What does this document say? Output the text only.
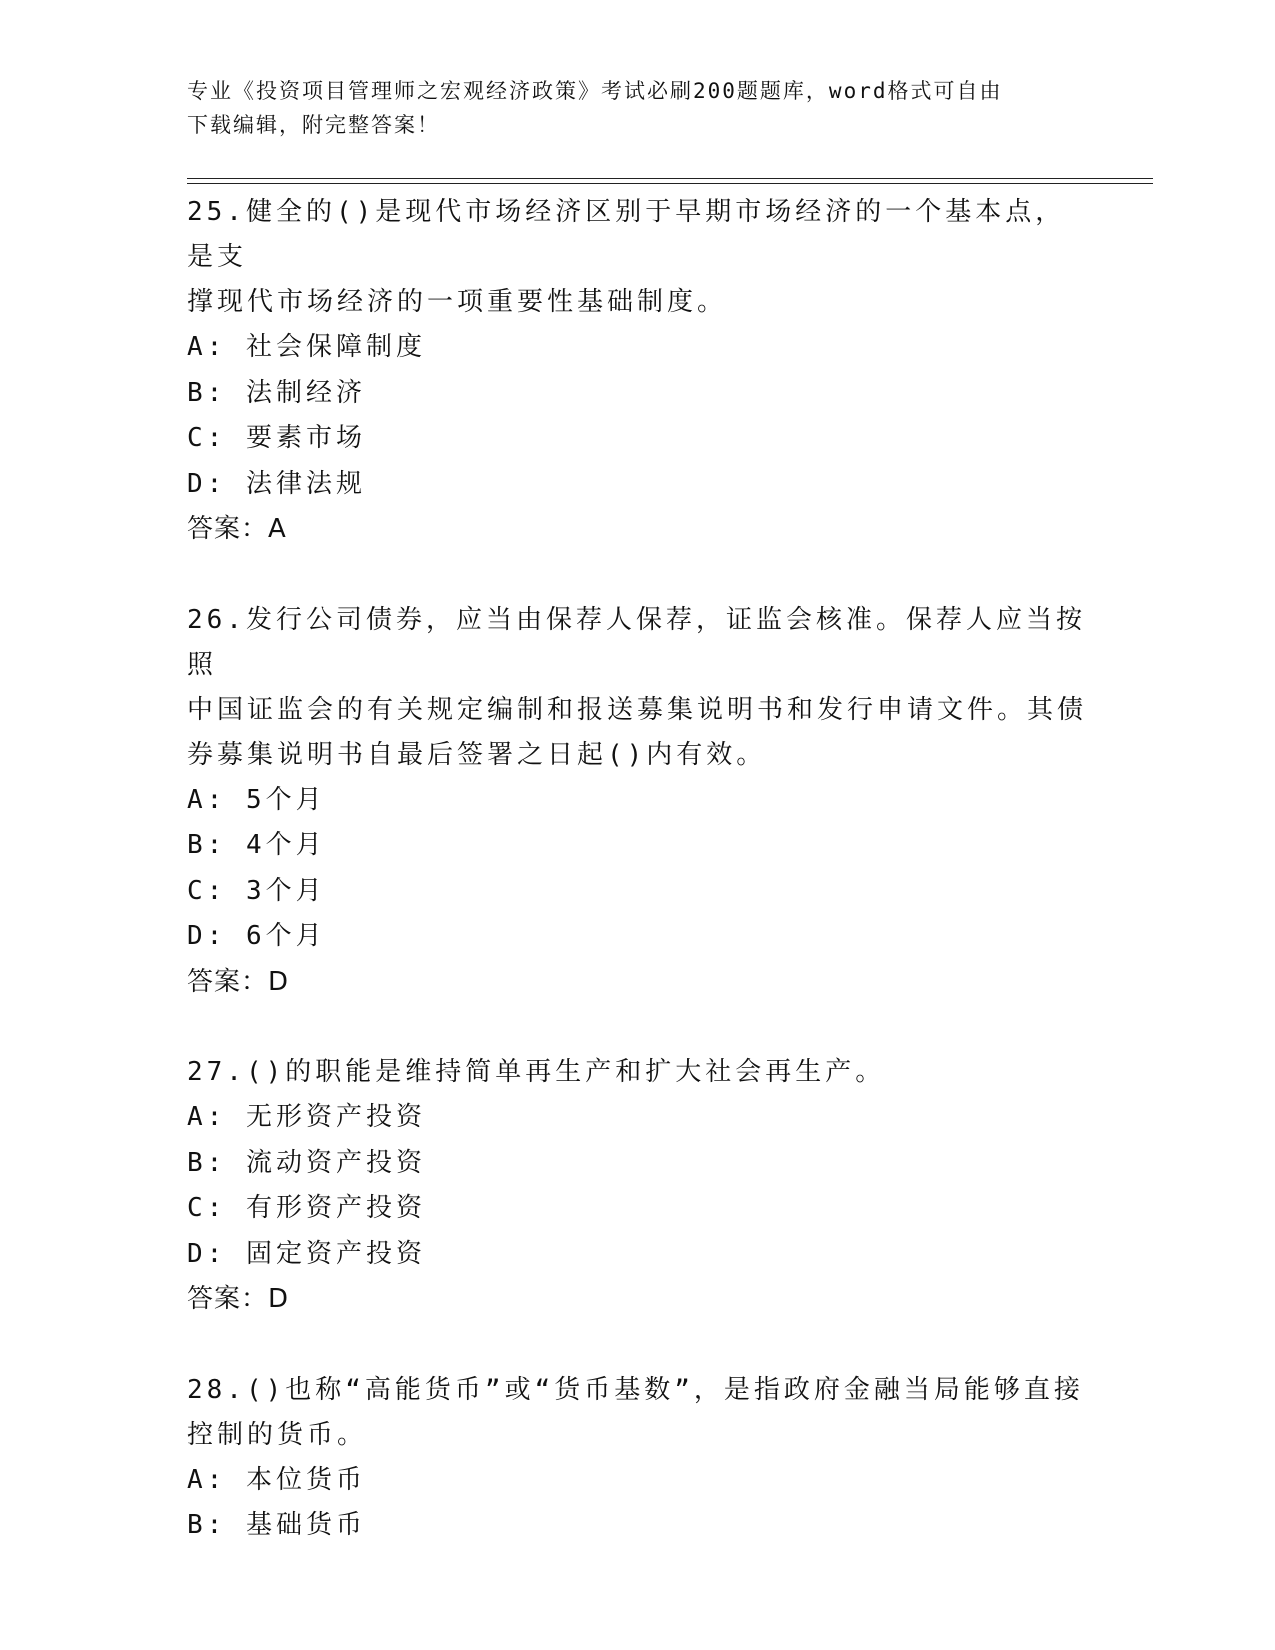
专业《投资项目管理师之宏观经济政策》考试必刷200题题库，word格式可自由
下载编辑，附完整答案！
25.健全的()是现代市场经济区别于早期市场经济的一个基本点，是支
撑现代市场经济的一项重要性基础制度。
A: 社会保障制度
B: 法制经济
C: 要素市场
D: 法律法规
答案：A
26.发行公司债券，应当由保荐人保荐，证监会核准。保荐人应当按照
中国证监会的有关规定编制和报送募集说明书和发行申请文件。其债
券募集说明书自最后签署之日起()内有效。
A: 5个月
B: 4个月
C: 3个月
D: 6个月
答案：D
27.()的职能是维持简单再生产和扩大社会再生产。
A: 无形资产投资
B: 流动资产投资
C: 有形资产投资
D: 固定资产投资
答案：D
28.()也称“高能货币”或“货币基数”，是指政府金融当局能够直接
控制的货币。
A: 本位货币
B: 基础货币
